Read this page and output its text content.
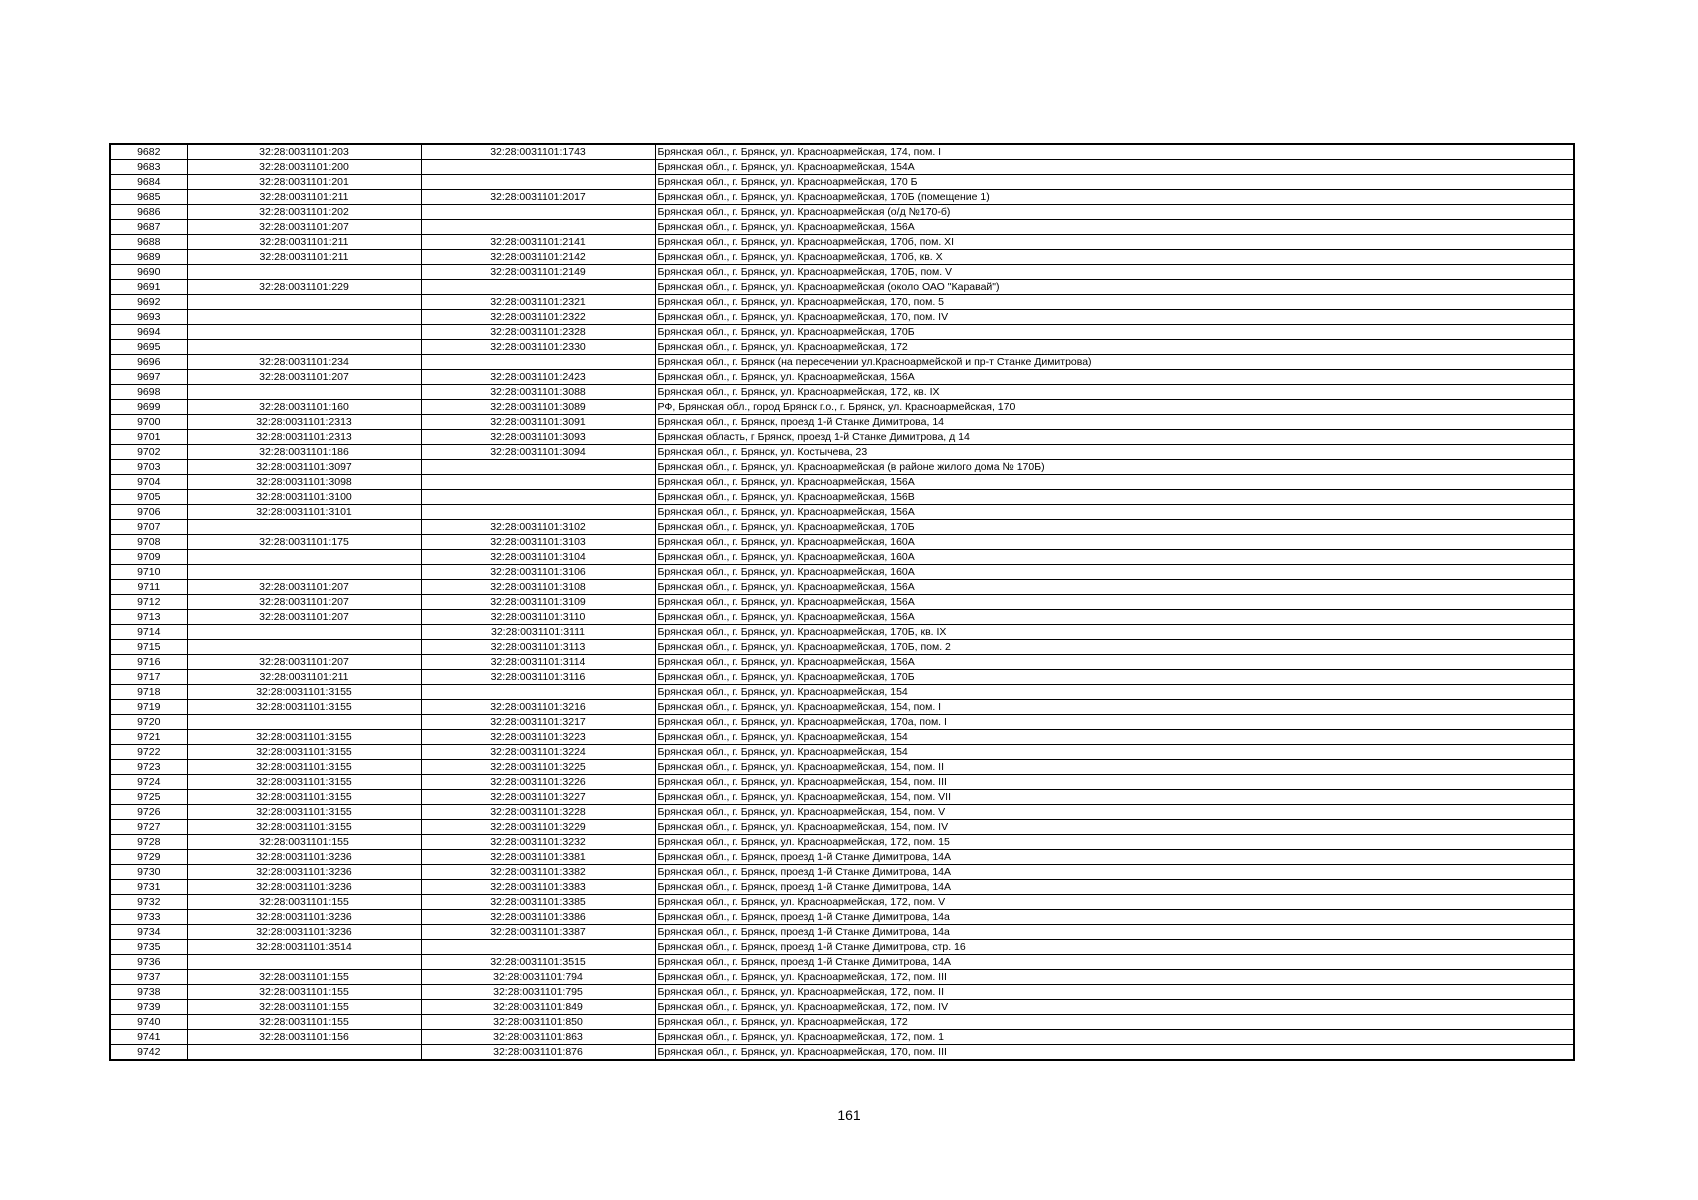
9682	32:28:0031101:203	32:28:0031101:1743	Брянская обл., г. Брянск, ул. Красноармейская, 174, пом. I
9683	32:28:0031101:200		Брянская обл., г. Брянск, ул. Красноармейская, 154А
9684	32:28:0031101:201		Брянская обл., г. Брянск, ул. Красноармейская, 170 Б
9685	32:28:0031101:211	32:28:0031101:2017	Брянская обл., г. Брянск, ул. Красноармейская, 170Б (помещение 1)
9686	32:28:0031101:202		Брянская обл., г. Брянск, ул. Красноармейская (о/д №170-б)
9687	32:28:0031101:207		Брянская обл., г. Брянск, ул. Красноармейская, 156А
9688	32:28:0031101:211	32:28:0031101:2141	Брянская обл., г. Брянск, ул. Красноармейская, 170б, пом. XI
9689	32:28:0031101:211	32:28:0031101:2142	Брянская обл., г. Брянск, ул. Красноармейская, 170б, кв. X
9690		32:28:0031101:2149	Брянская обл., г. Брянск, ул. Красноармейская, 170Б, пом. V
9691	32:28:0031101:229		Брянская обл., г. Брянск, ул. Красноармейская (около ОАО "Каравай")
9692		32:28:0031101:2321	Брянская обл., г. Брянск, ул. Красноармейская, 170, пом. 5
9693		32:28:0031101:2322	Брянская обл., г. Брянск, ул. Красноармейская, 170, пом. IV
9694		32:28:0031101:2328	Брянская обл., г. Брянск, ул. Красноармейская, 170Б
9695		32:28:0031101:2330	Брянская обл., г. Брянск, ул. Красноармейская, 172
9696	32:28:0031101:234		Брянская обл., г. Брянск (на пересечении ул.Красноармейской и пр-т Станке Димитрова)
9697	32:28:0031101:207	32:28:0031101:2423	Брянская обл., г. Брянск, ул. Красноармейская, 156А
9698		32:28:0031101:3088	Брянская обл., г. Брянск, ул. Красноармейская, 172, кв. IX
9699	32:28:0031101:160	32:28:0031101:3089	РФ, Брянская обл., город Брянск г.о., г. Брянск, ул. Красноармейская, 170
9700	32:28:0031101:2313	32:28:0031101:3091	Брянская обл., г. Брянск, проезд 1-й Станке Димитрова, 14
9701	32:28:0031101:2313	32:28:0031101:3093	Брянская область, г Брянск, проезд 1-й Станке Димитрова, д 14
9702	32:28:0031101:186	32:28:0031101:3094	Брянская обл., г. Брянск, ул. Костычева, 23
9703	32:28:0031101:3097		Брянская обл., г. Брянск, ул. Красноармейская (в районе жилого дома № 170Б)
9704	32:28:0031101:3098		Брянская обл., г. Брянск, ул. Красноармейская, 156А
9705	32:28:0031101:3100		Брянская обл., г. Брянск, ул. Красноармейская, 156В
9706	32:28:0031101:3101		Брянская обл., г. Брянск, ул. Красноармейская, 156А
9707		32:28:0031101:3102	Брянская обл., г. Брянск, ул. Красноармейская, 170Б
9708	32:28:0031101:175	32:28:0031101:3103	Брянская обл., г. Брянск, ул. Красноармейская, 160А
9709		32:28:0031101:3104	Брянская обл., г. Брянск, ул. Красноармейская, 160А
9710		32:28:0031101:3106	Брянская обл., г. Брянск, ул. Красноармейская, 160А
9711	32:28:0031101:207	32:28:0031101:3108	Брянская обл., г. Брянск, ул. Красноармейская, 156А
9712	32:28:0031101:207	32:28:0031101:3109	Брянская обл., г. Брянск, ул. Красноармейская, 156А
9713	32:28:0031101:207	32:28:0031101:3110	Брянская обл., г. Брянск, ул. Красноармейская, 156А
9714		32:28:0031101:3111	Брянская обл., г. Брянск, ул. Красноармейская, 170Б, кв. IX
9715		32:28:0031101:3113	Брянская обл., г. Брянск, ул. Красноармейская, 170Б, пом. 2
9716	32:28:0031101:207	32:28:0031101:3114	Брянская обл., г. Брянск, ул. Красноармейская, 156А
9717	32:28:0031101:211	32:28:0031101:3116	Брянская обл., г. Брянск, ул. Красноармейская, 170Б
9718	32:28:0031101:3155		Брянская обл., г. Брянск, ул. Красноармейская, 154
9719	32:28:0031101:3155	32:28:0031101:3216	Брянская обл., г. Брянск, ул. Красноармейская, 154, пом. I
9720		32:28:0031101:3217	Брянская обл., г. Брянск, ул. Красноармейская, 170а, пом. I
9721	32:28:0031101:3155	32:28:0031101:3223	Брянская обл., г. Брянск, ул. Красноармейская, 154
9722	32:28:0031101:3155	32:28:0031101:3224	Брянская обл., г. Брянск, ул. Красноармейская, 154
9723	32:28:0031101:3155	32:28:0031101:3225	Брянская обл., г. Брянск, ул. Красноармейская, 154, пом. II
9724	32:28:0031101:3155	32:28:0031101:3226	Брянская обл., г. Брянск, ул. Красноармейская, 154, пом. III
9725	32:28:0031101:3155	32:28:0031101:3227	Брянская обл., г. Брянск, ул. Красноармейская, 154, пом. VII
9726	32:28:0031101:3155	32:28:0031101:3228	Брянская обл., г. Брянск, ул. Красноармейская, 154, пом. V
9727	32:28:0031101:3155	32:28:0031101:3229	Брянская обл., г. Брянск, ул. Красноармейская, 154, пом. IV
9728	32:28:0031101:155	32:28:0031101:3232	Брянская обл., г. Брянск, ул. Красноармейская, 172, пом. 15
9729	32:28:0031101:3236	32:28:0031101:3381	Брянская обл., г. Брянск, проезд 1-й Станке Димитрова, 14А
9730	32:28:0031101:3236	32:28:0031101:3382	Брянская обл., г. Брянск, проезд 1-й Станке Димитрова, 14А
9731	32:28:0031101:3236	32:28:0031101:3383	Брянская обл., г. Брянск, проезд 1-й Станке Димитрова, 14А
9732	32:28:0031101:155	32:28:0031101:3385	Брянская обл., г. Брянск, ул. Красноармейская, 172, пом. V
9733	32:28:0031101:3236	32:28:0031101:3386	Брянская обл., г. Брянск, проезд 1-й Станке Димитрова, 14а
9734	32:28:0031101:3236	32:28:0031101:3387	Брянская обл., г. Брянск, проезд 1-й Станке Димитрова, 14а
9735	32:28:0031101:3514		Брянская обл., г. Брянск, проезд 1-й Станке Димитрова, стр. 16
9736		32:28:0031101:3515	Брянская обл., г. Брянск, проезд 1-й Станке Димитрова, 14А
9737	32:28:0031101:155	32:28:0031101:794	Брянская обл., г. Брянск, ул. Красноармейская, 172, пом. III
9738	32:28:0031101:155	32:28:0031101:795	Брянская обл., г. Брянск, ул. Красноармейская, 172, пом. II
9739	32:28:0031101:155	32:28:0031101:849	Брянская обл., г. Брянск, ул. Красноармейская, 172, пом. IV
9740	32:28:0031101:155	32:28:0031101:850	Брянская обл., г. Брянск, ул. Красноармейская, 172
9741	32:28:0031101:156	32:28:0031101:863	Брянская обл., г. Брянск, ул. Красноармейская, 172, пом. 1
9742		32:28:0031101:876	Брянская обл., г. Брянск, ул. Красноармейская, 170, пом. III
161
